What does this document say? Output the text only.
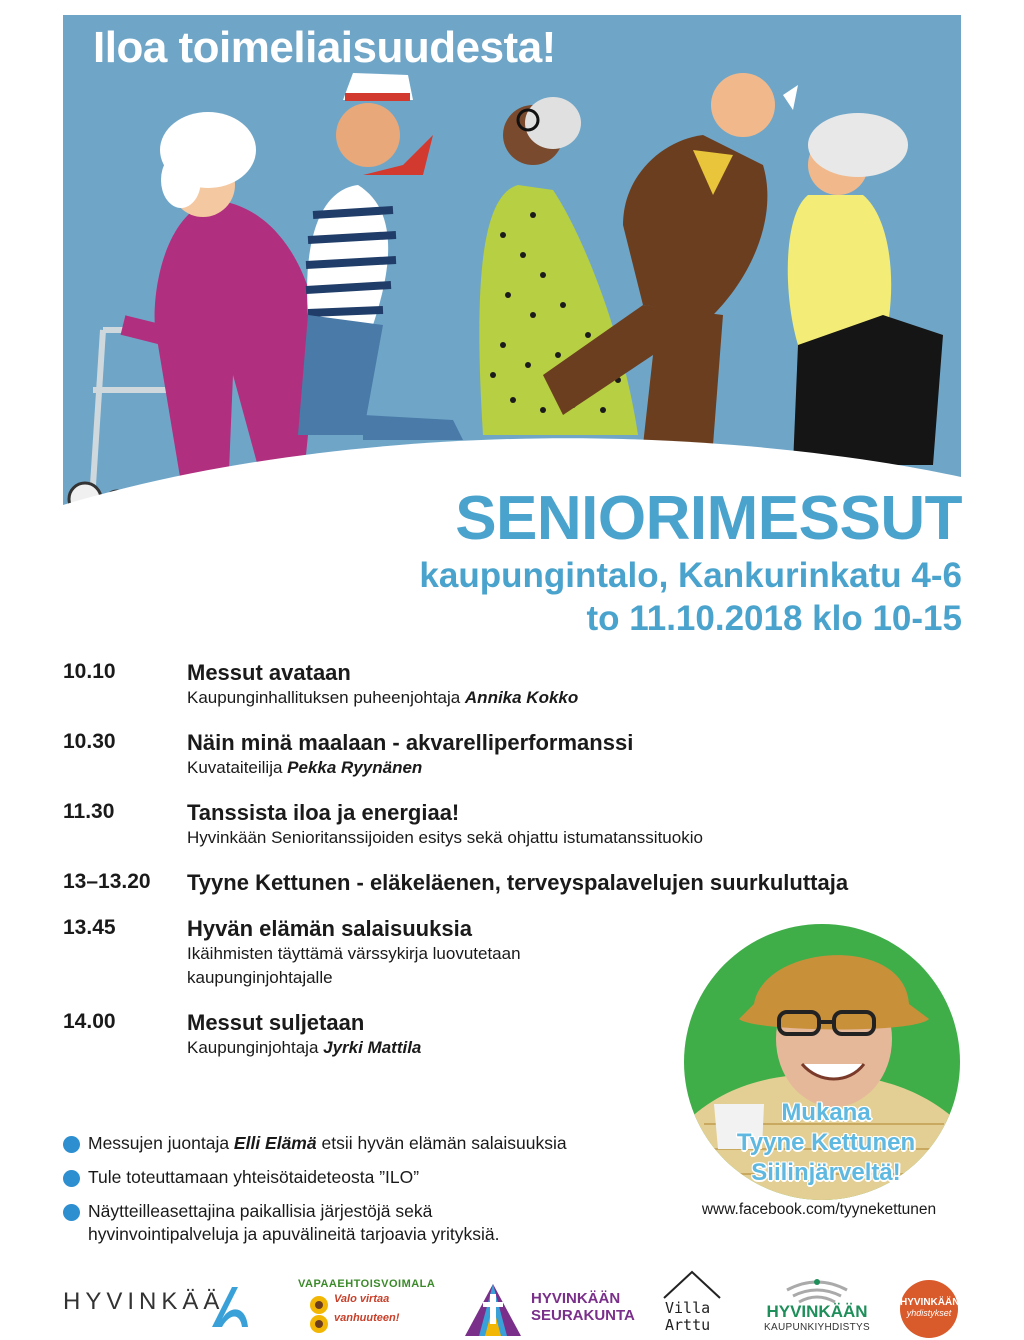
Iloa toimeliaisuudesta!
SENIORIMESSUT
kaupungintalo, Kankurinkatu 4-6
to 11.10.2018 klo 10-15
10.10	Messut avataan
Kaupunginhallituksen puheenjohtaja Annika Kokko
10.30	Näin minä maalaan - akvarelliperformanssi
Kuvataiteilija Pekka Ryynänen
11.30	Tanssista iloa ja energiaa!
Hyvinkään Senioritanssijoiden esitys sekä ohjattu istumatanssituokio
13–13.20 Tyyne Kettunen - eläkeläenen, terveyspalavelujen suurkuluttaja
13.45	Hyvän elämän salaisuuksia
Ikäihmisten täyttämä värssykirja luovutetaan kaupunginjohtajalle
14.00	Messut suljetaan
Kaupunginjohtaja Jyrki Mattila
Messujen juontaja Elli Elämä etsii hyvän elämän salaisuuksia
Tule toteuttamaan yhteisötaideteosta ”ILO”
Näytteilleasettajina paikallisia järjestöjä sekä hyvinvointipalveluja ja apuvälineitä tarjoavia yrityksiä.
Mukana
Tyyne Kettunen
Siilinjärveltä!
www.facebook.com/tyynekettunen
HYVINKÄÄ
VAPAAEHTOISVOIMALA
Valo virtaa
vanhuuteen!
HYVINKÄÄN
SEURAKUNTA Villa
Arttu
HYVINKÄÄN
KAUPUNKIYHDISTYS
HYVINKÄÄN
yhdistykset
